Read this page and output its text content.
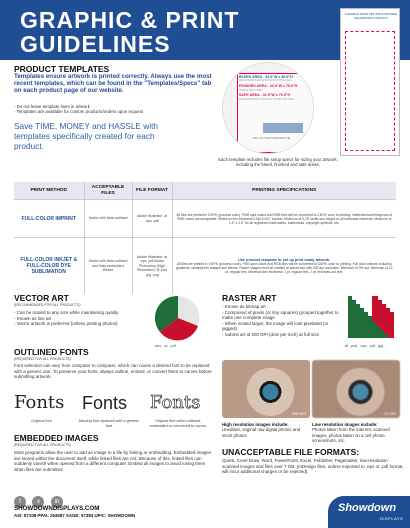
GRAPHIC & PRINT
GUIDELINES
FLEXIBLE RIGID PET BANK BANNER SHOWDOWN DISPLAYS
PRODUCT TEMPLATES
Templates ensure artwork is printed correctly. Always use the most recent templates, which can be found in the "Templates/Specs" tab on each product page of our website.
- Do not leave template lines in artwork
- Templates are available for custom products/orders upon request
Save TIME, MONEY and HASSLE with templates specifically created for each product.
BLEED AREA - 33.5"W x 80.5"H
ART EXTEND BACKGROUND INTO THIS AREA
FINISHED AREA - 33.5"W x 78.5"H
VISIBLE PRINT AREA
SAFE AREA - 31.5"W x 76.5"H
KEEP IMPORTANT CONTENT WITHIN THIS AREA
WILL NOT SHOW BEHIND THE
Each template includes file setup specs for sizing your artwork, including the bleed, finished and safe areas.
PRINT METHOD	ACCEPTABLE FILES	FILE FORMAT	PRINTING SPECIFICATIONS
FULL-COLOR IMPRINT	Vector with fonts outlined	Adobe Illustrator .ai .eps .pdf	All files are printed in CMYK (process color). PMS spot colors and RGB files will be converted to CMYK color to printing. Halftones/screenings/out of PMS colors are acceptable. Minimum line thickness 0.5pt (0.007 inches). Minimum of 0.25" width and height on all individual elements. Minimum of 1.5" x 0.5" for all registered trademarks, trademarks, copyright symbols, etc.
FULL-COLOR INKJET & FULL-COLOR DYE SUBLIMATION	Vector with fonts outlined and links embedded Raster	Adobe Illustrator .ai .eps .pdf Adobe Photoshop (High Resolution) .tif .psd .jpg .png	Use product template to set up print ready artwork.
All files are printed in CMYK (process color). PMS spot colors and RGB files will be converted to CMYK color to printing. Full color artwork including gradients, raster/photo images and blends. Raster images must be created at actual size with 200 dpi resolution. Minimum of 3% dot. Minimum of 12 pt. regular text. Minimum line thickness: 1 pt. regular text, 2 pt. reversed-out text.
VECTOR ART
(RECOMMENDED FOR ALL PRODUCTS)
- Can be scaled to any size while maintaining quality
- Known as line art
- Vector artwork is preferred (unless printing photos)
.eps, .ai, .pdf
RASTER ART
- Known as bitmap art
- Composed of pixels (or tiny squares) grouped together to make one complete image
- When scaled larger, the image will look pixelated (or jagged)
- Submit art at 200 DPI (dots per inch) at full size
.tif, .psd, .eps, .pdf, .jpg
OUTLINED FONTS
(REQUIRED FOR ALL PRODUCTS)
Font selection can vary from computer to computer, which can cause a desired font to be replaced with a generic one. To preserve your fonts, always outline, embed, or convert them to curves before submitting artwork.
Fonts
Original font
Fonts
Missing font replaced with a generic font
Fonts
Original font when outlined, embedded or converted to curves
EMBEDDED IMAGES
(REQUIRED FOR ALL PRODUCTS)
Most programs allow the user to add an image to a file by linking or embedding. Embedded images are stored within the document itself, while linked files are not. Because of this, linked files can suddenly vanish when opened from a different computer. Embed all images to avoid losing them when files are submitted.
300 DPI
High resolution images include:
Unedited, original raw digital photos and stock photos
72 DPI
Low resolution images include:
Photos taken from the internet, scanned images, photos taken on a cell phone, screenshots, etc.
UNACCEPTABLE FILE FORMATS:
Quark, Corel Draw, Word, PowerPoint, Excel, Publisher, Pagemaker, low-resolution scanned images and files over 7 GB. (InDesign files, unless exported to .eps or .pdf format, will incur additional charges or be rejected).
f	x in
SHOWDOWNDISPLAYS.COM
ASI: 87108 PPAI: 254697 SAGE: 67383 UPIC: SHOWDOWN
Showdown
DISPLAYS
